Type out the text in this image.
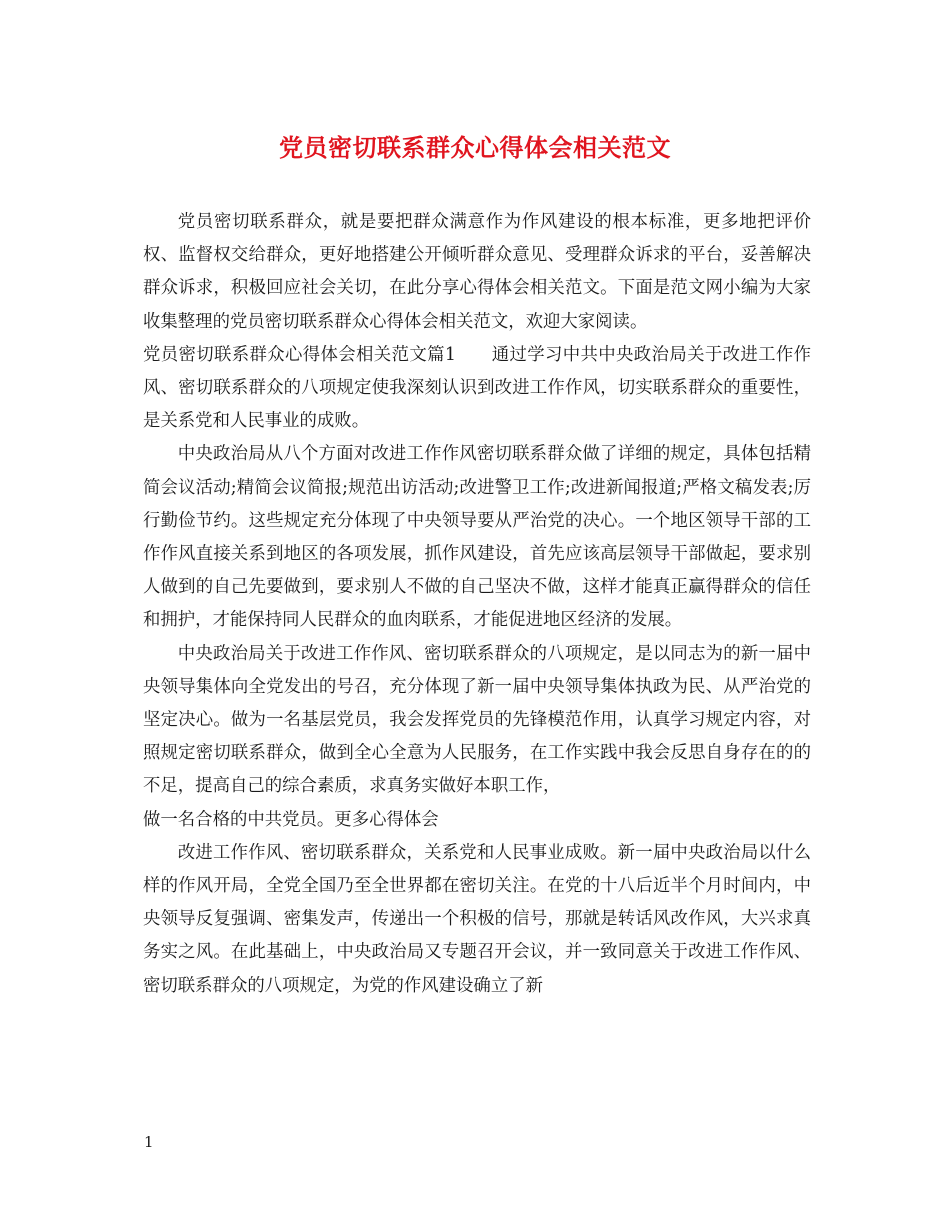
党员密切联系群众心得体会相关范文

党员密切联系群众，就是要把群众满意作为作风建设的根本标准，更多地把评价权、监督权交给群众，更好地搭建公开倾听群众意见、受理群众诉求的平台，妥善解决群众诉求，积极回应社会关切，在此分享心得体会相关范文。下面是范文网小编为大家收集整理的党员密切联系群众心得体会相关范文，欢迎大家阅读。

党员密切联系群众心得体会相关范文篇1　　通过学习中共中央政治局关于改进工作作风、密切联系群众的八项规定使我深刻认识到改进工作作风，切实联系群众的重要性，是关系党和人民事业的成败。

中央政治局从八个方面对改进工作作风密切联系群众做了详细的规定，具体包括精简会议活动;精简会议简报;规范出访活动;改进警卫工作;改进新闻报道;严格文稿发表;厉行勤俭节约。这些规定充分体现了中央领导要从严治党的决心。一个地区领导干部的工作作风直接关系到地区的各项发展，抓作风建设，首先应该高层领导干部做起，要求别人做到的自己先要做到，要求别人不做的自己坚决不做，这样才能真正赢得群众的信任和拥护，才能保持同人民群众的血肉联系，才能促进地区经济的发展。

中央政治局关于改进工作作风、密切联系群众的八项规定，是以同志为的新一届中央领导集体向全党发出的号召，充分体现了新一届中央领导集体执政为民、从严治党的坚定决心。做为一名基层党员，我会发挥党员的先锋模范作用，认真学习规定内容，对照规定密切联系群众，做到全心全意为人民服务，在工作实践中我会反思自身存在的的不足，提高自己的综合素质，求真务实做好本职工作，

做一名合格的中共党员。更多心得体会

改进工作作风、密切联系群众，关系党和人民事业成败。新一届中央政治局以什么样的作风开局，全党全国乃至全世界都在密切关注。在党的十八后近半个月时间内，中央领导反复强调、密集发声，传递出一个积极的信号，那就是转话风改作风，大兴求真务实之风。在此基础上，中央政治局又专题召开会议，并一致同意关于改进工作作风、密切联系群众的八项规定，为党的作风建设确立了新

1
